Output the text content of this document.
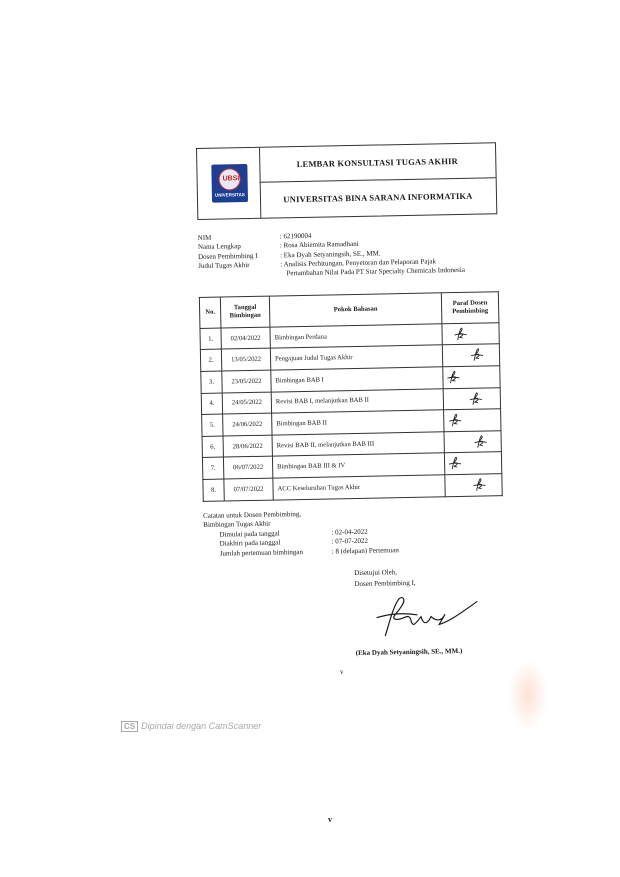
UBSI
UNIVERSITAS
LEMBAR KONSULTASI TUGAS AKHIR
UNIVERSITAS BINA SARANA INFORMATIKA
NIM	: 62190004
Nama Lengkap	: Rosa Abiemita Ramadhani
Dosen Pembimbing I	: Eka Dyah Setyaningsih, SE., MM.
Judul Tugas Akhir	: Analisis Perhitungan, Penyetoran dan Pelaporan Pajak
Pertambahan Nilai Pada PT Star Specialty Chemicals Indonesia
No.	Tanggal Bimbingan	Pokok Bahasan	Paraf Dosen Pembimbing
1.	02/04/2022	Bimbingan Perdana	

2.	13/05/2022	Pengajuan Judul Tugas Akhir	

3.	23/05/2022	Bimbingan BAB I	

4.	24/05/2022	Revisi BAB I, melanjutkan BAB II	

5.	24/06/2022	Bimbingan BAB II	

6.	28/06/2022	Revisi BAB II, melanjutkan BAB III	

7.	06/07/2022	Bimbingan BAB III & IV	

8.	07/07/2022	ACC Keseluruhan Tugas Akhir	
Catatan untuk Dosen Pembimbing,
Bimbingan Tugas Akhir
Dimulai pada tanggal	: 02-04-2022
Diakhiri pada tanggal	: 07-07-2022
Jumlah pertemuan bimbingan	: 8 (delapan) Pertemuan
Disetujui Oleh,
Dosen Pembimbing I,
(Eka Dyah Setyaningsih, SE., MM.)
v
CS Dipindai dengan CamScanner
v
